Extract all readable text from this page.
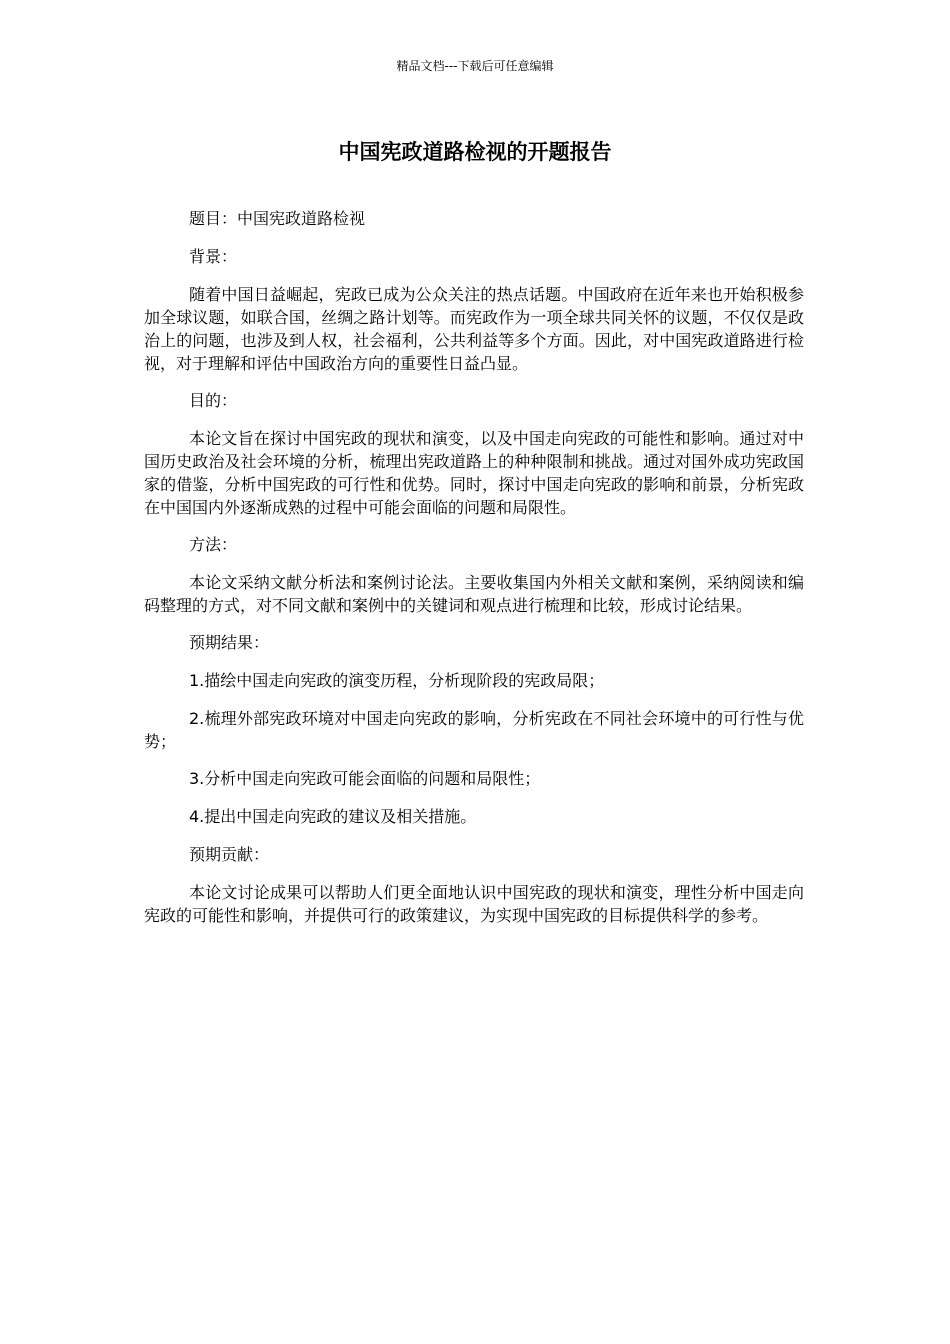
精品文档---下载后可任意编辑
中国宪政道路检视的开题报告

题目：中国宪政道路检视

背景：

随着中国日益崛起，宪政已成为公众关注的热点话题。中国政府在近年来也开始积极参加全球议题，如联合国，丝绸之路计划等。而宪政作为一项全球共同关怀的议题，不仅仅是政治上的问题，也涉及到人权，社会福利，公共利益等多个方面。因此，对中国宪政道路进行检视，对于理解和评估中国政治方向的重要性日益凸显。

目的：

本论文旨在探讨中国宪政的现状和演变，以及中国走向宪政的可能性和影响。通过对中国历史政治及社会环境的分析，梳理出宪政道路上的种种限制和挑战。通过对国外成功宪政国家的借鉴，分析中国宪政的可行性和优势。同时，探讨中国走向宪政的影响和前景，分析宪政在中国国内外逐渐成熟的过程中可能会面临的问题和局限性。

方法：

本论文采纳文献分析法和案例讨论法。主要收集国内外相关文献和案例，采纳阅读和编码整理的方式，对不同文献和案例中的关键词和观点进行梳理和比较，形成讨论结果。

预期结果：

1.描绘中国走向宪政的演变历程，分析现阶段的宪政局限；

2.梳理外部宪政环境对中国走向宪政的影响，分析宪政在不同社会环境中的可行性与优势；

3.分析中国走向宪政可能会面临的问题和局限性；

4.提出中国走向宪政的建议及相关措施。

预期贡献：

本论文讨论成果可以帮助人们更全面地认识中国宪政的现状和演变，理性分析中国走向宪政的可能性和影响，并提供可行的政策建议，为实现中国宪政的目标提供科学的参考。
